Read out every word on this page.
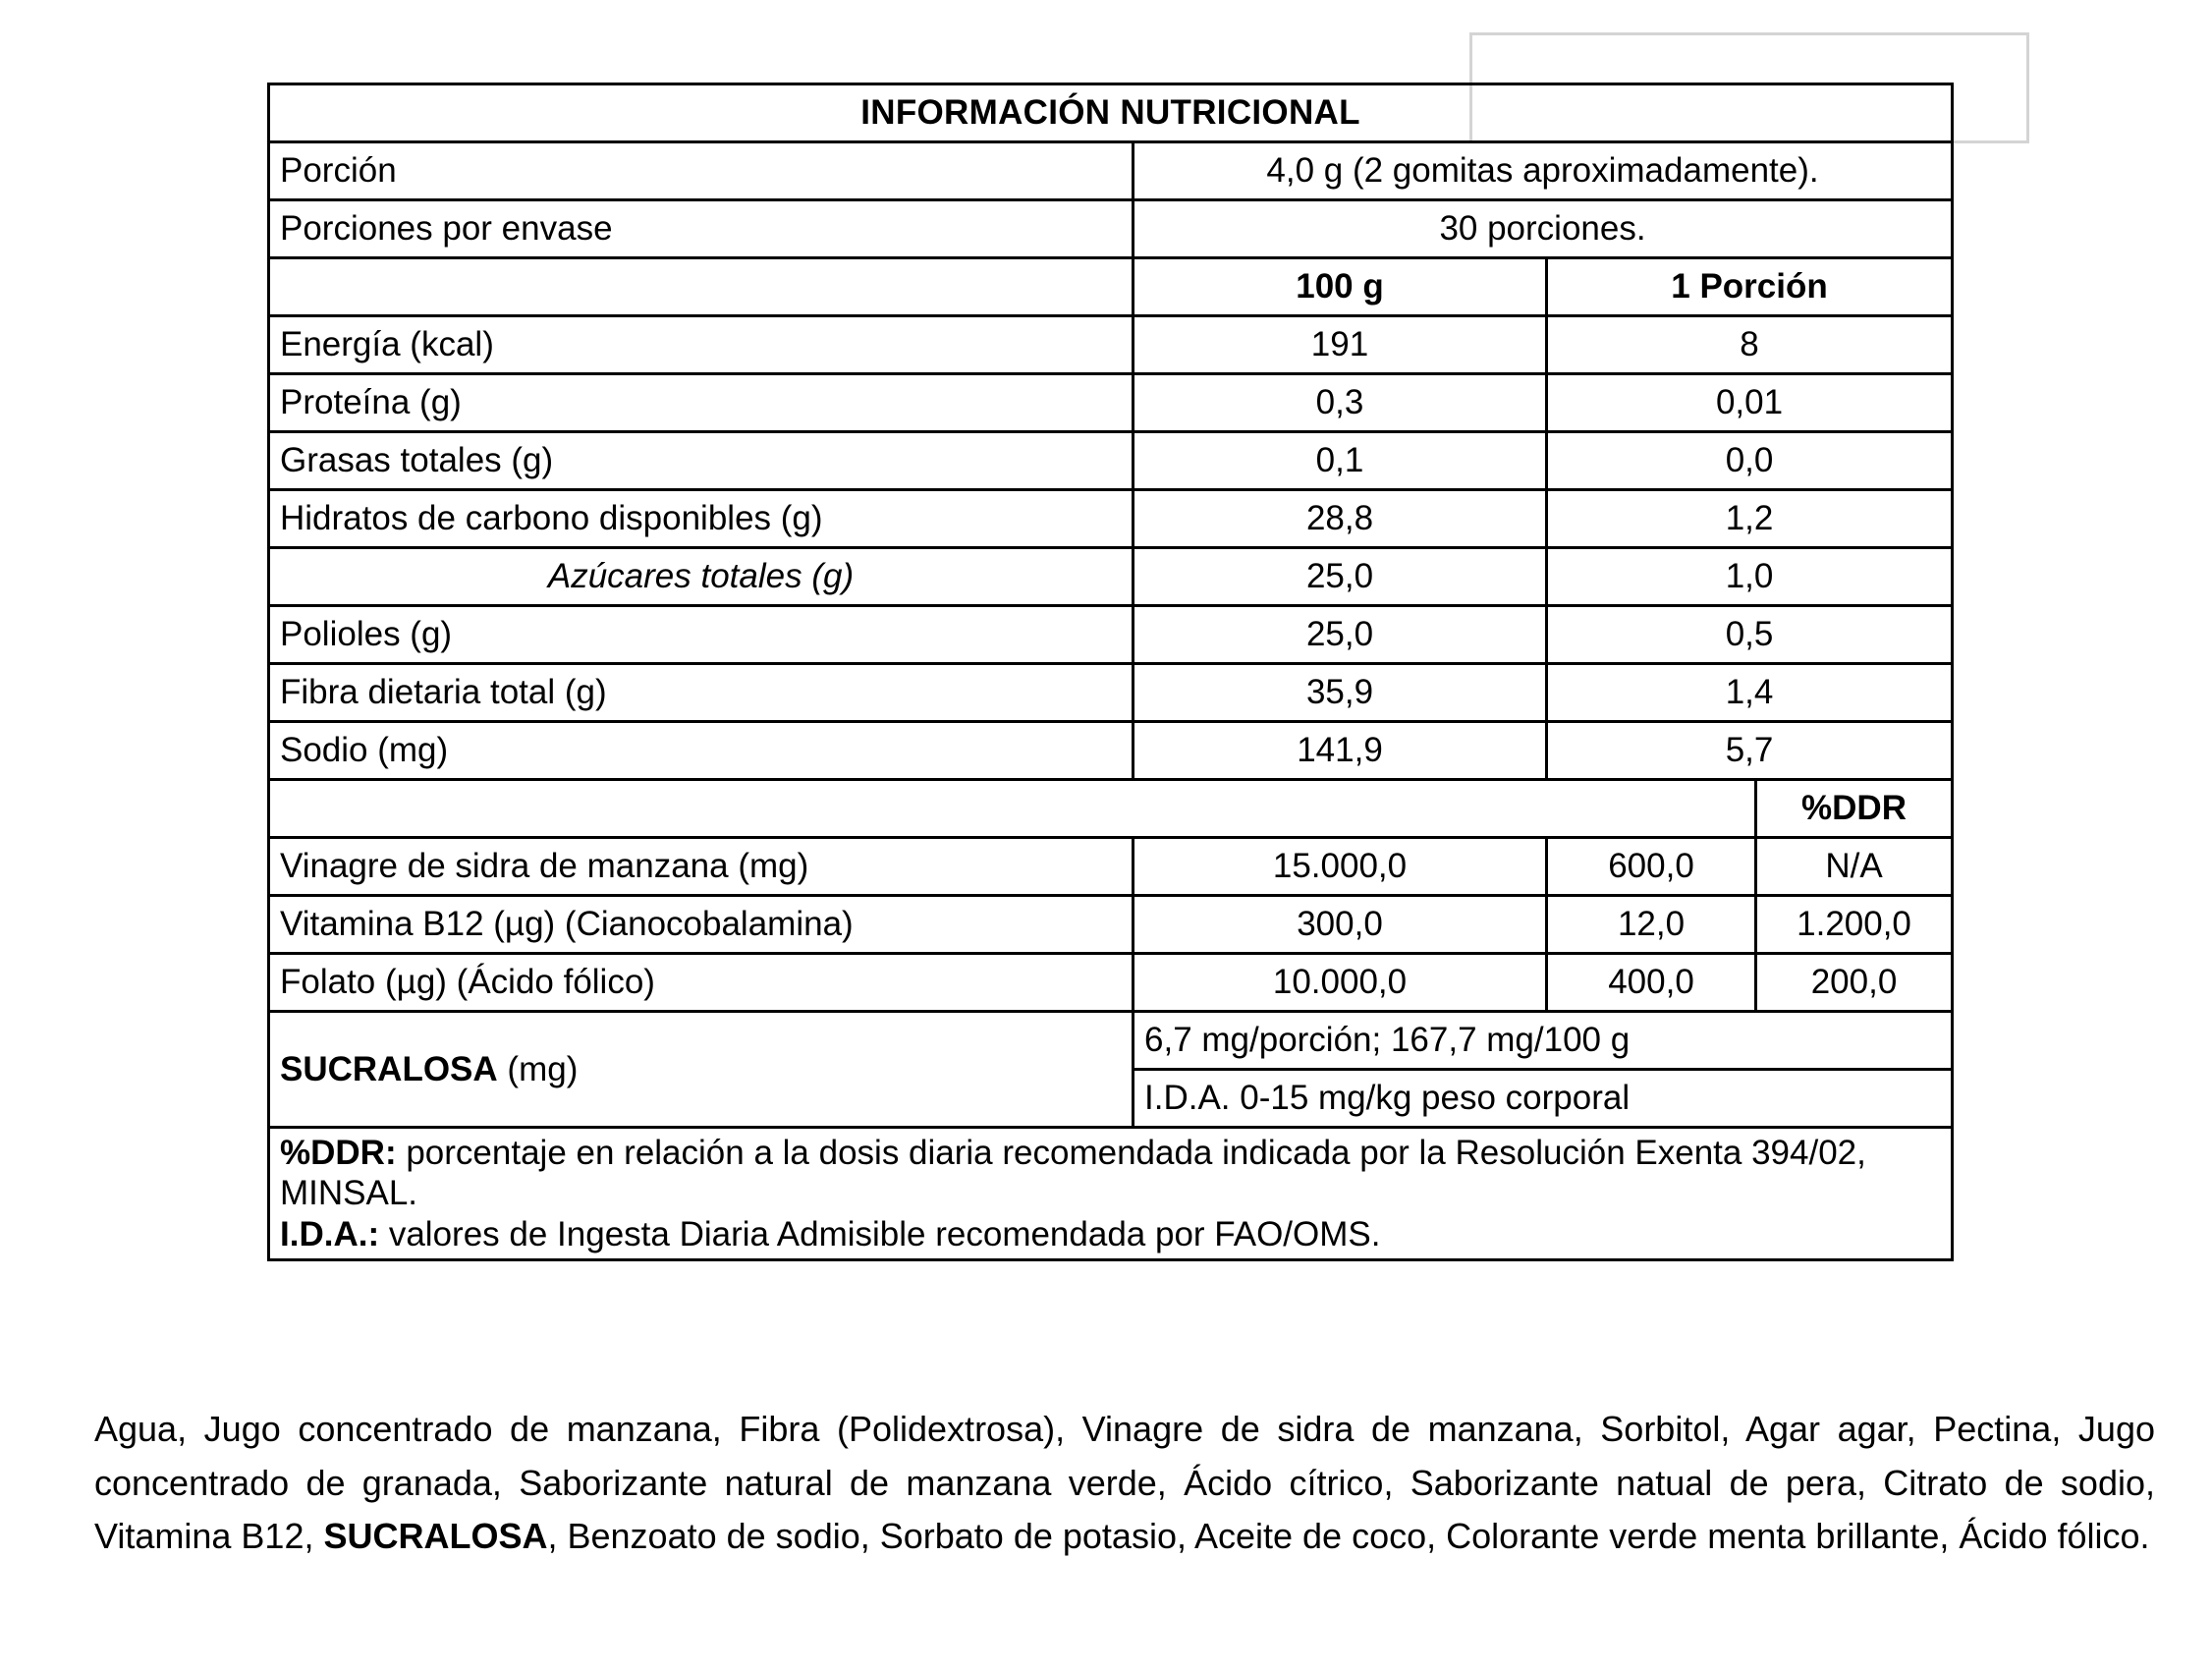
INFORMACIÓN NUTRICIONAL			
Porción	4,0 g (2 gomitas aproximadamente).		
Porciones por envase	30 porciones.		
	100 g	1 Porción	
Energía (kcal)	191	8	
Proteína (g)	0,3	0,01	
Grasas totales (g)	0,1	0,0	
Hidratos de carbono disponibles (g)	28,8	1,2	
Azúcares totales (g)	25,0	1,0	
Polioles (g)	25,0	0,5	
Fibra dietaria total (g)	35,9	1,4	
Sodio (mg)	141,9	5,7	
			%DDR
Vinagre de sidra de manzana (mg)	15.000,0	600,0	N/A
Vitamina B12 (µg) (Cianocobalamina)	300,0	12,0	1.200,0
Folato (µg) (Ácido fólico)	10.000,0	400,0	200,0
SUCRALOSA (mg)	6,7 mg/porción; 167,7 mg/100 g		
	I.D.A. 0-15 mg/kg peso corporal		

%DDR: porcentaje en relación a la dosis diaria recomendada indicada por la Resolución Exenta 394/02, MINSAL.
I.D.A.: valores de Ingesta Diaria Admisible recomendada por FAO/OMS.			

Agua, Jugo concentrado de manzana, Fibra (Polidextrosa), Vinagre de sidra de manzana, Sorbitol, Agar agar, Pectina, Jugo concentrado de granada, Saborizante natural de manzana verde, Ácido cítrico, Saborizante natual de pera, Citrato de sodio, Vitamina B12, SUCRALOSA, Benzoato de sodio, Sorbato de potasio, Aceite de coco, Colorante verde menta brillante, Ácido fólico.
